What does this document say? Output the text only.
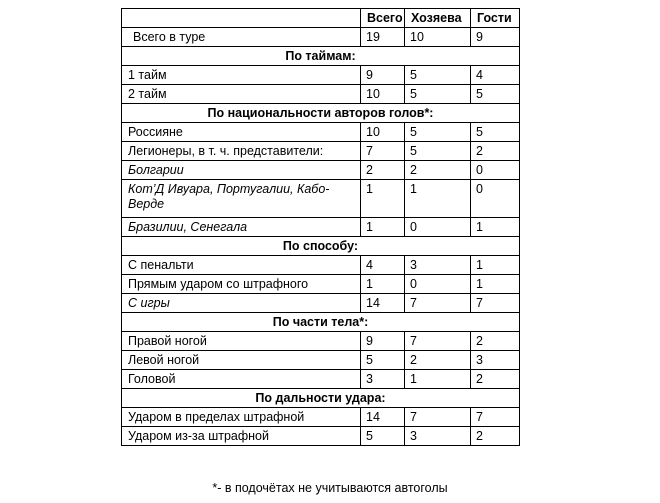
	Всего	Хозяева	Гости
Всего в туре	19	10	9
По таймам:			
1 тайм	9	5	4
2 тайм	10	5	5
По национальности авторов голов*:			
Россияне	10	5	5
Легионеры, в т. ч. представители:	7	5	2
Болгарии	2	2	0
Кот’Д Ивуара, Португалии, Кабо-Верде	1	1	0
Бразилии, Сенегала	1	0	1
По способу:			
С пенальти	4	3	1
Прямым ударом со штрафного	1	0	1
С игры	14	7	7
По части тела*:			
Правой ногой	9	7	2
Левой ногой	5	2	3
Головой	3	1	2
По дальности удара:			
Ударом в пределах штрафной	14	7	7
Ударом из-за штрафной	5	3	2
*- в подочётах не учитываются автоголы
